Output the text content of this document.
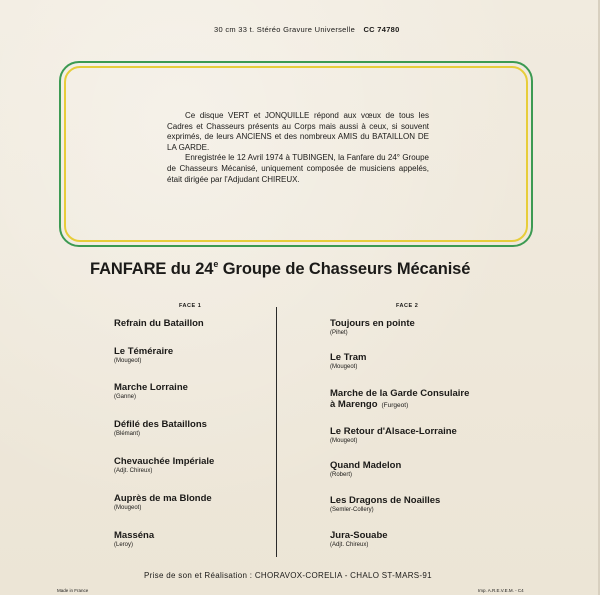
30 cm 33 t. Stéréo Gravure Universelle CC 74780

Ce disque VERT et JONQUILLE répond aux vœux de tous les Cadres et Chasseurs présents au Corps mais aussi à ceux, si souvent exprimés, de leurs ANCIENS et des nombreux AMIS du BATAILLON DE LA GARDE.

Enregistrée le 12 Avril 1974 à TUBINGEN, la Fanfare du 24° Groupe de Chasseurs Mécanisé, uniquement composée de musiciens appelés, était dirigée par l'Adjudant CHIREUX.

FANFARE du 24e Groupe de Chasseurs Mécanisé
FACE 1	FACE 2
Refrain du Bataillon
Le Téméraire
(Mougeot)
Marche Lorraine
(Ganne)
Défilé des Bataillons
(Blémant)
Chevauchée Impériale
(Adjt. Chireux)
Auprès de ma Blonde
(Mougeot)
Masséna
(Leroy)
Toujours en pointe
(Pihet)
Le Tram
(Mougeot)
Marche de la Garde Consulaire
à Marengo (Furgeot)
Le Retour d'Alsace-Lorraine
(Mougeot)
Quand Madelon
(Robert)
Les Dragons de Noailles
(Semler-Collery)
Jura-Souabe
(Adjt. Chireux)
Prise de son et Réalisation : CHORAVOX-CORELIA - CHALO ST-MARS-91
Made in France	Imp. A.R.E.V.E.M. - C4
